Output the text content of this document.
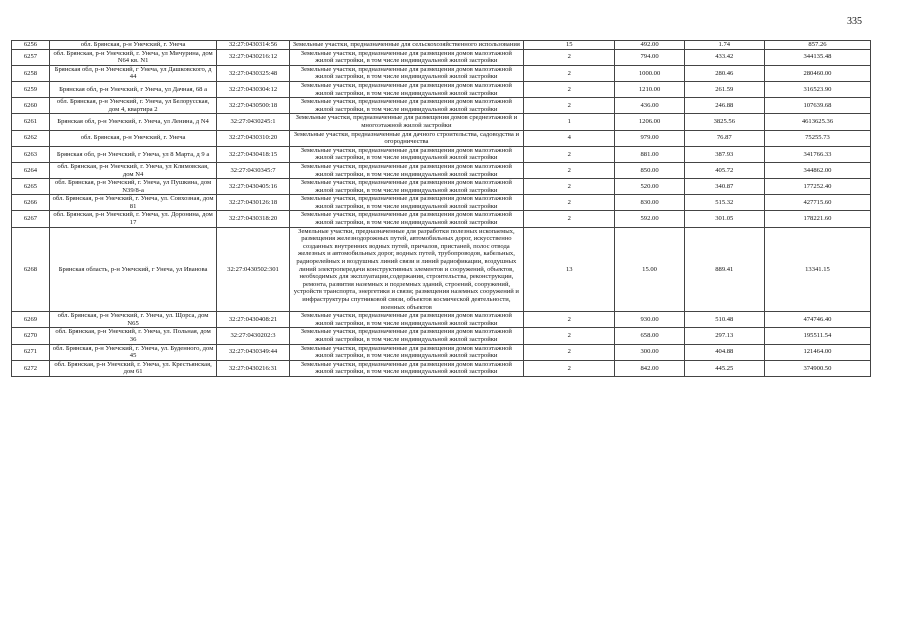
335
6256	обл. Брянская, р-н Унечский, г. Унеча	32:27:0430314:56	Земельные участки, предназначенные для сельскохозяйственного использования	15	492.00	1.74	857.26
6257	обл. Брянская, р-н Унечский, г. Унеча, ул Мичурина, дом N64 кв. N1	32:27:0430216:12	Земельные участки, предназначенные для размещения домов малоэтажной жилой застройки, в том числе индивидуальной жилой застройки	2	794.00	433.42	344135.48
6258	Брянская обл, р-н Унечский, г Унеча, ул Дашковского, д 44	32:27:0430325:48	Земельные участки, предназначенные для размещения домов малоэтажной жилой застройки, в том числе индивидуальной жилой застройки	2	1000.00	280.46	280460.00
6259	Брянская обл, р-н Унечский, г Унеча, ул Дачная, 68 а	32:27:0430304:12	Земельные участки, предназначенные для размещения домов малоэтажной жилой застройки, в том числе индивидуальной жилой застройки	2	1210.00	261.59	316523.90
6260	обл. Брянская, р-н Унечский, г. Унеча, ул Белорусская, дом 4, квартира 2	32:27:0430500:18	Земельные участки, предназначенные для размещения домов малоэтажной жилой застройки, в том числе индивидуальной жилой застройки	2	436.00	246.88	107639.68
6261	Брянская обл, р-н Унечский, г. Унеча, ул Ленина, д N4	32:27:0430245:1	Земельные участки, предназначенные для размещения домов среднеэтажной и многоэтажной жилой застройки	1	1206.00	3825.56	4613625.36
6262	обл. Брянская, р-н Унечский, г. Унеча	32:27:0430310:20	Земельные участки, предназначенные для дачного строительства, садоводства и огородничества	4	979.00	76.87	75255.73
6263	Брянская обл, р-н Унечский, г Унеча, ул 8 Марта, д 9 а	32:27:0430418:15	Земельные участки, предназначенные для размещения домов малоэтажной жилой застройки, в том числе индивидуальной жилой застройки	2	881.00	387.93	341766.33
6264	обл. Брянская, р-н Унечский, г. Унеча, ул Климовская, дом N4	32:27:0430345:7	Земельные участки, предназначенные для размещения домов малоэтажной жилой застройки, в том числе индивидуальной жилой застройки	2	850.00	405.72	344862.00
6265	обл. Брянская, р-н Унечский, г. Унеча, ул Пушкина, дом N39/8-а	32:27:0430405:16	Земельные участки, предназначенные для размещения домов малоэтажной жилой застройки, в том числе индивидуальной жилой застройки	2	520.00	340.87	177252.40
6266	обл. Брянская, р-н Унечский, г. Унеча, ул. Совхозная, дом 81	32:27:0430126:18	Земельные участки, предназначенные для размещения домов малоэтажной жилой застройки, в том числе индивидуальной жилой застройки	2	830.00	515.32	427715.60
6267	обл. Брянская, р-н Унечский, г. Унеча, ул. Доронина, дом 17	32:27:0430318:20	Земельные участки, предназначенные для размещения домов малоэтажной жилой застройки, в том числе индивидуальной жилой застройки	2	592.00	301.05	178221.60
6268	Брянская область, р-н Унечский, г Унеча, ул Иванова	32:27:0430502:301	Земельные участки, предназначенные для разработки полезных ископаемых, размещения железнодорожных путей, автомобильных дорог, искусственно созданных внутренних водных путей, причалов, пристаней, полос отвода железных и автомобильных дорог, водных путей, трубопроводов, кабельных, радиорелейных и воздушных линий связи и линий радиофикации, воздушных линий электропередачи конструктивных элементов и сооружений, объектов, необходимых для эксплуатации,содержания, строительства, реконструкции, ремонта, развития наземных и подземных зданий, строений, сооружений, устройств транспорта, энергетики и связи; размещения наземных сооружений и инфраструктуры спутниковой связи, объектов космической деятельности, военных объектов	13	15.00	889.41	13341.15
6269	обл. Брянская, р-н Унечский, г. Унеча, ул. Щорса, дом N65	32:27:0430408:21	Земельные участки, предназначенные для размещения домов малоэтажной жилой застройки, в том числе индивидуальной жилой застройки	2	930.00	510.48	474746.40
6270	обл. Брянская, р-н Унечский, г. Унеча, ул. Польная, дом 36	32:27:0430202:3	Земельные участки, предназначенные для размещения домов малоэтажной жилой застройки, в том числе индивидуальной жилой застройки	2	658.00	297.13	195511.54
6271	обл. Брянская, р-н Унечский, г. Унеча, ул. Буденного, дом 45	32:27:0430349:44	Земельные участки, предназначенные для размещения домов малоэтажной жилой застройки, в том числе индивидуальной жилой застройки	2	300.00	404.88	121464.00
6272	обл. Брянская, р-н Унечский, г. Унеча, ул. Крестьянская, дом 61	32:27:0430216:31	Земельные участки, предназначенные для размещения домов малоэтажной жилой застройки, в том числе индивидуальной жилой застройки	2	842.00	445.25	374900.50
